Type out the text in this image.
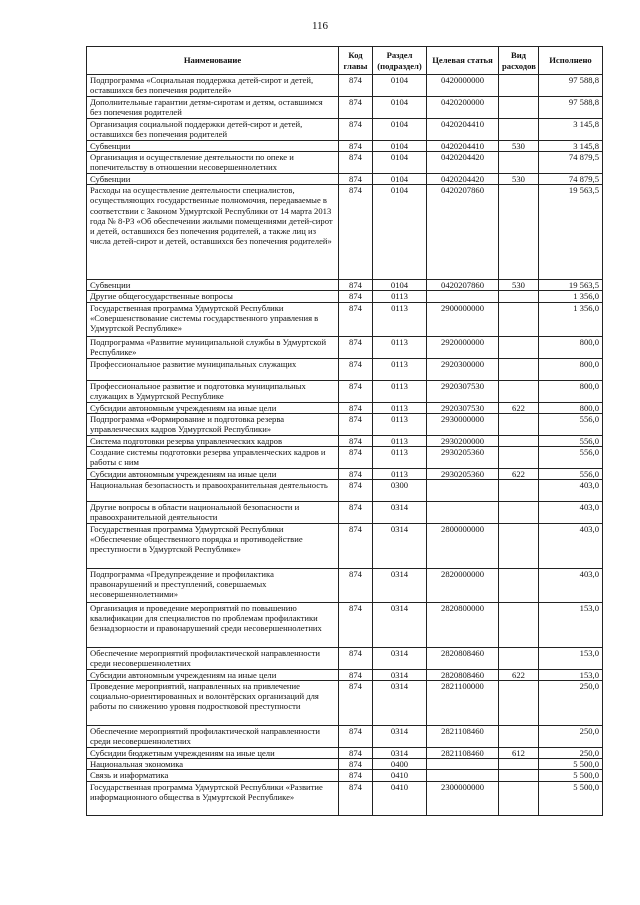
116
Наименование	Код главы	Раздел (подраздел)	Целевая статья	Вид расходов	Исполнено
Подпрограмма «Социальная поддержка детей-сирот и детей, оставшихся без попечения родителей»	874	0104	0420000000		97 588,8
Дополнительные гарантии детям-сиротам и детям, оставшимся без попечения родителей	874	0104	0420200000		97 588,8
Организация социальной поддержки детей-сирот и детей, оставшихся без попечения родителей	874	0104	0420204410		3 145,8
Субвенции	874	0104	0420204410	530	3 145,8
Организация и осуществление деятельности по опеке и попечительству в отношении несовершеннолетних	874	0104	0420204420		74 879,5
Субвенции	874	0104	0420204420	530	74 879,5
Расходы на осуществление деятельности специалистов, осуществляющих государственные полномочия, передаваемые в соответствии с Законом Удмуртской Республики от 14 марта 2013 года № 8-РЗ «Об обеспечении жилыми помещениями детей-сирот и детей, оставшихся без попечения родителей, а также лиц из числа детей-сирот и детей, оставшихся без попечения родителей»	874	0104	0420207860		19 563,5
Субвенции	874	0104	0420207860	530	19 563,5
Другие общегосударственные вопросы	874	0113			1 356,0
Государственная программа Удмуртской Республики «Совершенствование системы государственного управления в Удмуртской Республике»	874	0113	2900000000		1 356,0
Подпрограмма «Развитие муниципальной службы в Удмуртской Республике»	874	0113	2920000000		800,0
Профессиональное развитие муниципальных служащих	874	0113	2920300000		800,0
Профессиональное развитие и подготовка муниципальных служащих в Удмуртской Республике	874	0113	2920307530		800,0
Субсидии автономным учреждениям на иные цели	874	0113	2920307530	622	800,0
Подпрограмма «Формирование и подготовка резерва управленческих кадров Удмуртской Республики»	874	0113	2930000000		556,0
Система подготовки резерва управленческих кадров	874	0113	2930200000		556,0
Создание системы подготовки резерва управленческих кадров и работы с ним	874	0113	2930205360		556,0
Субсидии автономным учреждениям на иные цели	874	0113	2930205360	622	556,0
Национальная безопасность и правоохранительная деятельность	874	0300			403,0
Другие вопросы в области национальной безопасности и правоохранительной деятельности	874	0314			403,0
Государственная программа Удмуртской Республики «Обеспечение общественного порядка и противодействие преступности в Удмуртской Республике»	874	0314	2800000000		403,0
Подпрограмма «Предупреждение и профилактика правонарушений и преступлений, совершаемых несовершеннолетними»	874	0314	2820000000		403,0
Организация и проведение мероприятий по повышению квалификации для специалистов по проблемам профилактики безнадзорности и правонарушений среди несовершеннолетних	874	0314	2820800000		153,0
Обеспечение мероприятий профилактической направленности среди несовершеннолетних	874	0314	2820808460		153,0
Субсидии автономным учреждениям на иные цели	874	0314	2820808460	622	153,0
Проведение мероприятий, направленных на привлечение социально-ориентированных и волонтёрских организаций для работы по снижению уровня подростковой преступности	874	0314	2821100000		250,0
Обеспечение мероприятий профилактической направленности среди несовершеннолетних	874	0314	2821108460		250,0
Субсидии бюджетным учреждениям на иные цели	874	0314	2821108460	612	250,0
Национальная экономика	874	0400			5 500,0
Связь и информатика	874	0410			5 500,0
Государственная программа Удмуртской Республики «Развитие информационного общества в Удмуртской Республике»	874	0410	2300000000		5 500,0
